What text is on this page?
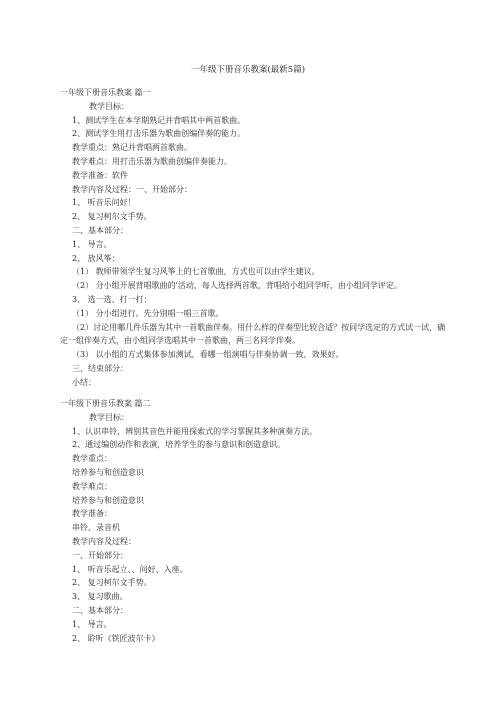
一年级下册音乐教案(最新5篇)
一年级下册音乐教案 篇一
教学目标：
1、测试学生在本学期熟记并背唱其中两首歌曲。
2、测试学生用打击乐器为歌曲创编伴奏的能力。
教学重点：熟记并背唱两首歌曲。
教学难点：用打击乐器为歌曲创编伴奏能力。
教学准备：软件
教学内容及过程：一、开始部分：
1、 听音乐问好！
2、 复习柯尔文手势。
二、基本部分：
1、 导言。
2、 放风筝：
（1） 教师带领学生复习风筝上的七首歌曲，方式也可以由学生建议。
（2） 分小组开展背唱歌曲的'活动，每人选择两首歌，背唱给小组同学听，由小组同学评定。
3、 选一选、打一打：
（1） 分小组进行。先分别唱一唱三首歌。
（2）讨论用哪几件乐器为其中一首歌曲伴奏。用什么样的伴奏型比较合适？按同学选定的方式试一试，确定一组伴奏方式，由小组同学选唱其中一首歌曲，两三名同学伴奏。
（3） 以小组的方式集体参加测试，看哪一组演唱与伴奏协调一致，效果好。
三、结束部分：
小结：
一年级下册音乐教案 篇二
教学目标：
1、认识串铃，辨别其音色并能用探索式的学习掌握其多种演奏方法。
2、通过编创动作和表演，培养学生的参与意识和创造意识。
教学重点：
培养参与和创造意识
教学难点：
培养参与和创造意识
教学准备：
串铃、录音机
教学内容及过程：
一、开始部分：
1、 听音乐起立、、问好、入座。
2、 复习柯尔文手势。
3、 复习歌曲。
二、基本部分：
1、 导言。
2、 聆听《铁匠波尔卡》
